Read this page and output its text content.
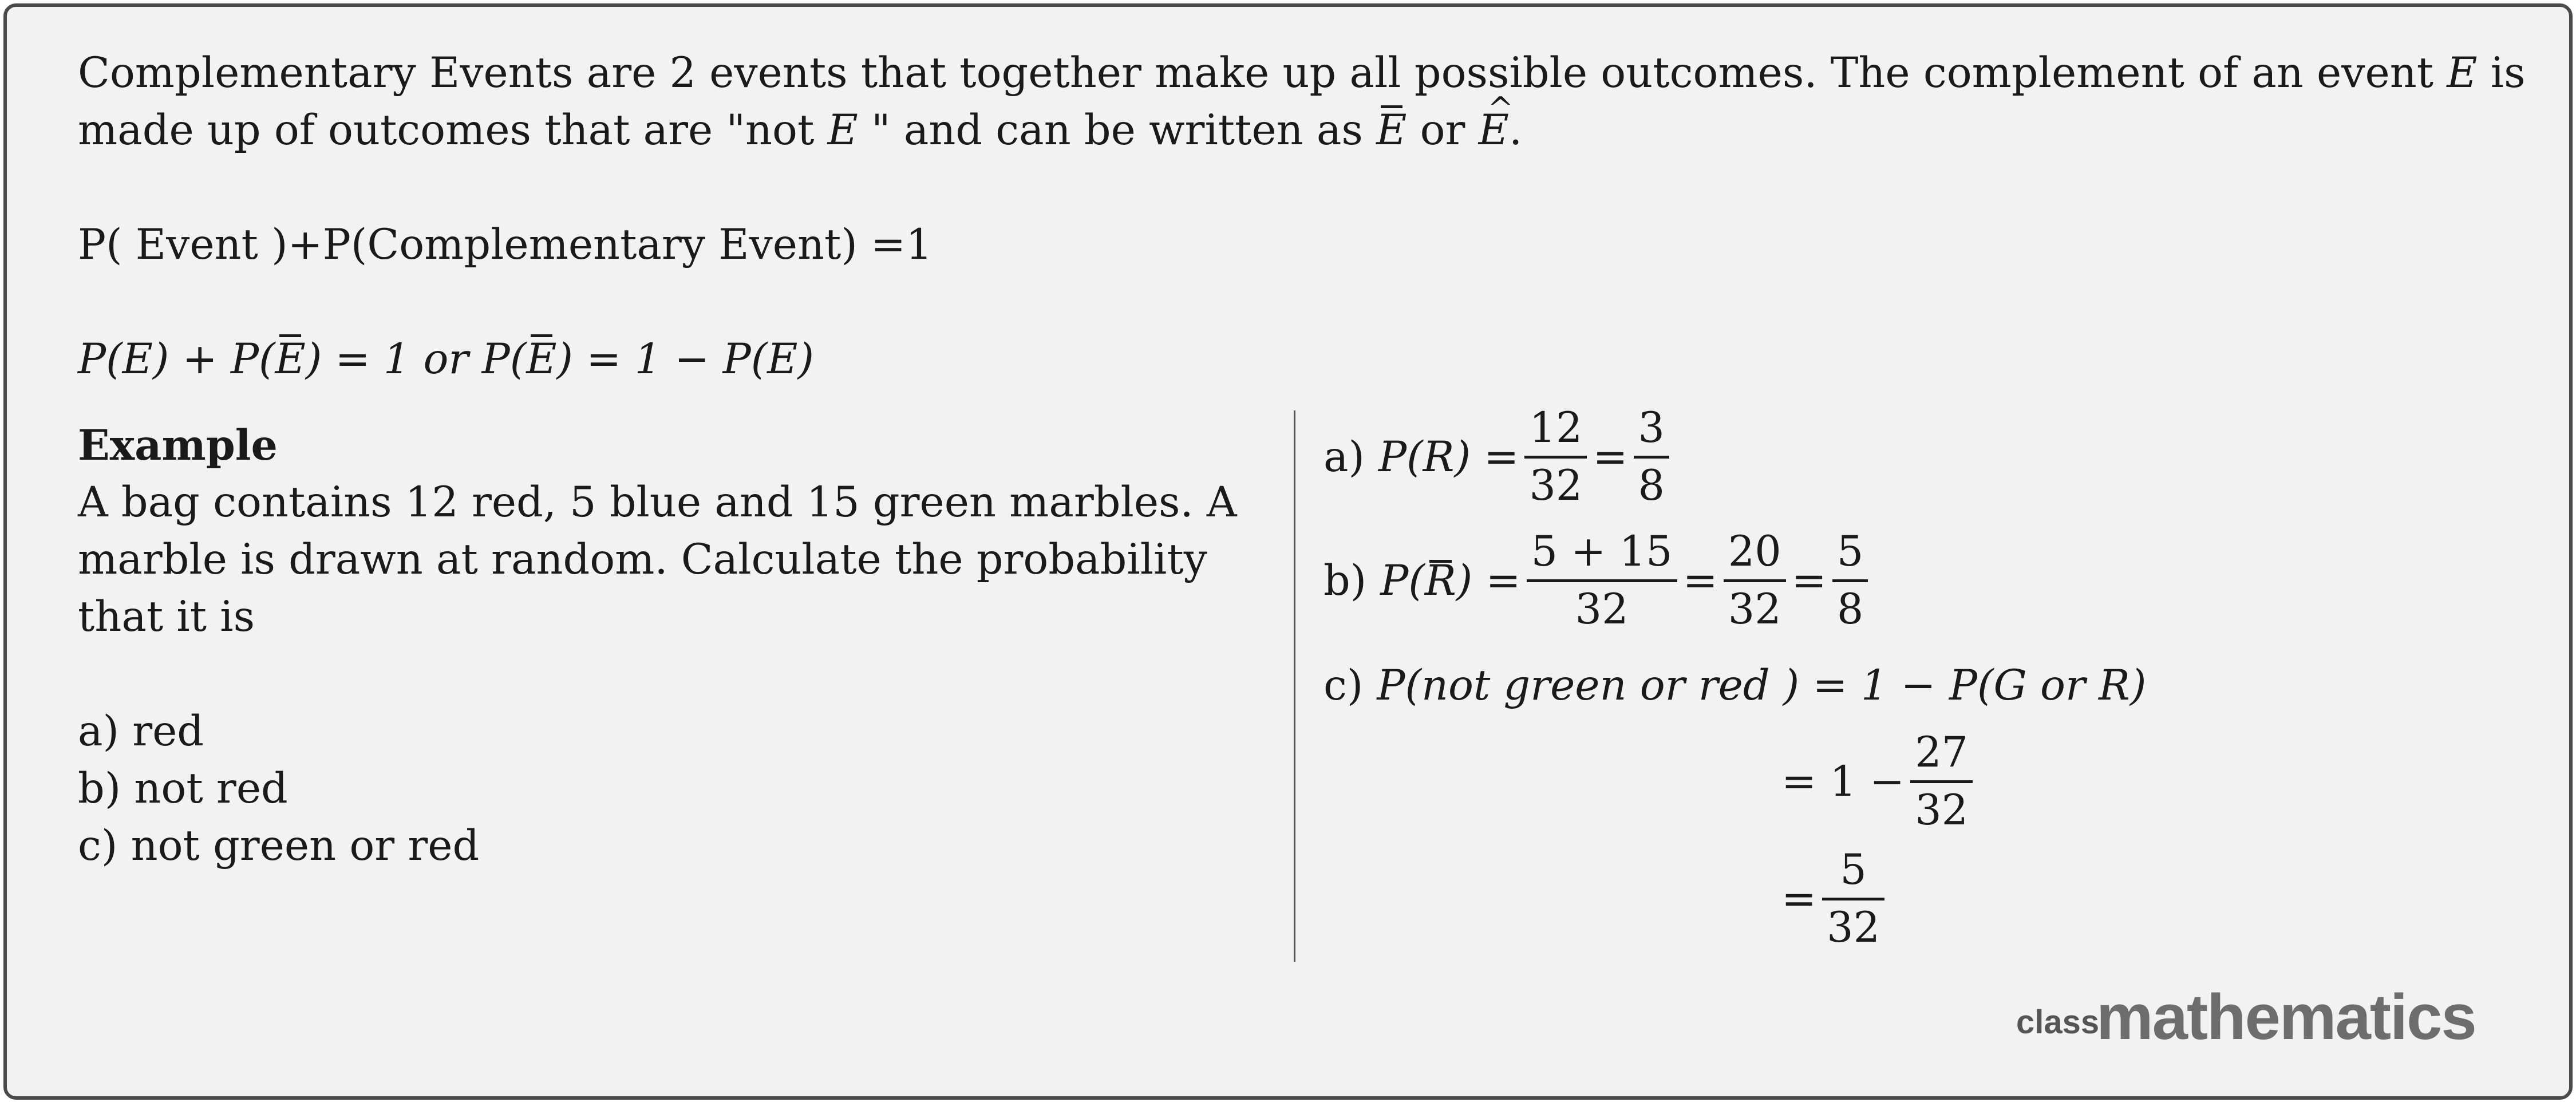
Complementary Events are 2 events that together make up all possible outcomes. The complement of an event E is
made up of outcomes that are "not E " and can be written as E or ^ E.
P( Event )+P(Complementary Event) =1
P(E) + P(E) = 1 or P(E) = 1 − P(E)
Example
A bag contains 12 red, 5 blue and 15 green marbles. A
marble is drawn at random. Calculate the probability
that it is
a) red
b) not red
c) not green or red
a) $P(R) = \frac{12}{32} = \frac{3}{8}$
b) P( R ) = $\frac{5 + 15}{32} = \frac{20}{32} = \frac{5}{8}$
c) P(not green or red ) = 1 − P(G or R)
= $1 - \frac{27}{32}$
= $\frac{5}{32}$
class
mathematics
